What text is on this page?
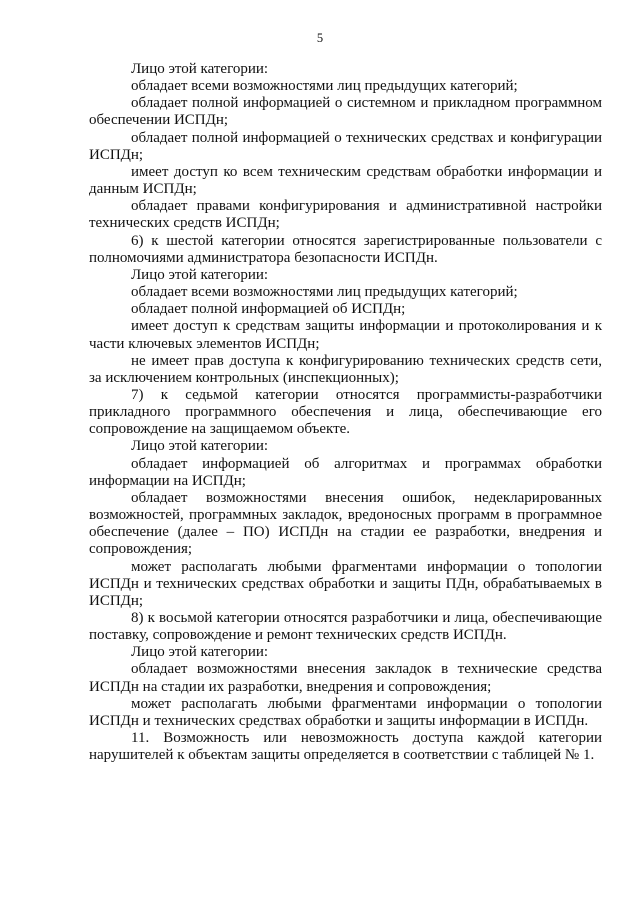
5

Лицо этой категории:

обладает всеми возможностями лиц предыдущих категорий;

обладает полной информацией о системном и прикладном программном обеспечении ИСПДн;

обладает полной информацией о технических средствах и конфигурации ИСПДн;

имеет доступ ко всем техническим средствам обработки информации и данным ИСПДн;

обладает правами конфигурирования и административной настройки технических средств ИСПДн;

6) к шестой категории относятся зарегистрированные пользователи с полномочиями администратора безопасности ИСПДн.

Лицо этой категории:

обладает всеми возможностями лиц предыдущих категорий;

обладает полной информацией об ИСПДн;

имеет доступ к средствам защиты информации и протоколирования и к части ключевых элементов ИСПДн;

не имеет прав доступа к конфигурированию технических средств сети, за исключением контрольных (инспекционных);

7) к седьмой категории относятся программисты-разработчики прикладного программного обеспечения и лица, обеспечивающие его сопровождение на защищаемом объекте.

Лицо этой категории:

обладает информацией об алгоритмах и программах обработки информации на ИСПДн;

обладает возможностями внесения ошибок, недекларированных возможностей, программных закладок, вредоносных программ в программное обеспечение (далее – ПО) ИСПДн на стадии ее разработки, внедрения и сопровождения;

может располагать любыми фрагментами информации о топологии ИСПДн и технических средствах обработки и защиты ПДн, обрабатываемых в ИСПДн;

8) к восьмой категории относятся разработчики и лица, обеспечивающие поставку, сопровождение и ремонт технических средств ИСПДн.

Лицо этой категории:

обладает возможностями внесения закладок в технические средства ИСПДн на стадии их разработки, внедрения и сопровождения;

может располагать любыми фрагментами информации о топологии ИСПДн и технических средствах обработки и защиты информации в ИСПДн.

11. Возможность или невозможность доступа каждой категории нарушителей к объектам защиты определяется в соответствии с таблицей № 1.
